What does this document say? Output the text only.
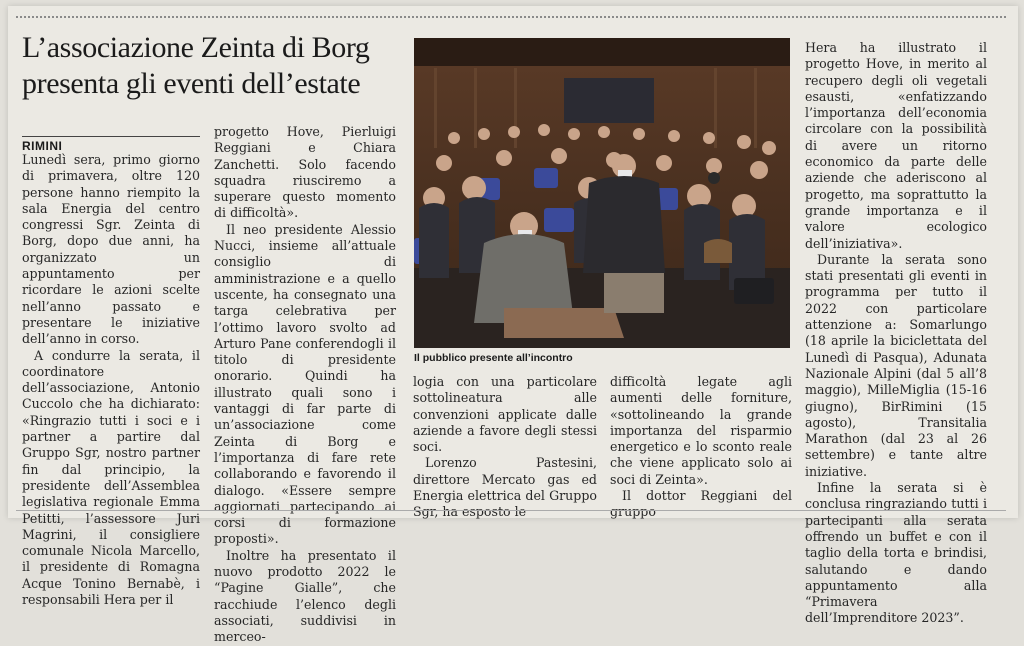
L’associazione Zeinta di Borg
presenta gli eventi dell’estate
RIMINI

Lunedì sera, primo giorno di primavera, oltre 120 persone hanno riempito la sala Energia del centro congressi Sgr. Zeinta di Borg, dopo due anni, ha organizzato un appuntamento per ricordare le azioni scelte nell’anno passato e presentare le iniziative dell’anno in corso.

A condurre la serata, il coordinatore dell’associazione, Antonio Cuccolo che ha dichiarato: «Ringrazio tutti i soci e i partner a partire dal Gruppo Sgr, nostro partner fin dal principio, la presidente dell’Assemblea legislativa regionale Emma Petitti, l’assessore Juri Magrini, il consigliere comunale Nicola Marcello, il presidente di Romagna Acque Tonino Bernabè, i responsabili Hera per il

progetto Hove, Pierluigi Reggiani e Chiara Zanchetti. Solo facendo squadra riusciremo a superare questo momento di difficoltà».

Il neo presidente Alessio Nucci, insieme all’attuale consiglio di amministrazione e a quello uscente, ha consegnato una targa celebrativa per l’ottimo lavoro svolto ad Arturo Pane conferendogli il titolo di presidente onorario. Quindi ha illustrato quali sono i vantaggi di far parte di un’associazione come Zeinta di Borg e l’importanza di fare rete collaborando e favorendo il dialogo. «Essere sempre aggiornati partecipando ai corsi di formazione proposti».

Inoltre ha presentato il nuovo prodotto 2022 le “Pagine Gialle”, che racchiude l’elenco degli associati, suddivisi in merceo-

Il pubblico presente all’incontro

logia con una particolare sottolineatura alle convenzioni applicate dalle aziende a favore degli stessi soci.

Lorenzo Pastesini, direttore Mercato gas ed Energia elettrica del Gruppo Sgr, ha esposto le

difficoltà legate agli aumenti delle forniture, «sottolineando la grande importanza del risparmio energetico e lo sconto reale che viene applicato solo ai soci di Zeinta».

Il dottor Reggiani del gruppo

Hera ha illustrato il progetto Hove, in merito al recupero degli oli vegetali esausti, «enfatizzando l’importanza dell’economia circolare con la possibilità di avere un ritorno economico da parte delle aziende che aderiscono al progetto, ma soprattutto la grande importanza e il valore ecologico dell’iniziativa».

Durante la serata sono stati presentati gli eventi in programma per tutto il 2022 con particolare attenzione a: Somarlungo (18 aprile la biciclettata del Lunedì di Pasqua), Adunata Nazionale Alpini (dal 5 all’8 maggio), MilleMiglia (15-16 giugno), BirRimini (15 agosto), Transitalia Marathon (dal 23 al 26 settembre) e tante altre iniziative.

Infine la serata si è conclusa ringraziando tutti i partecipanti alla serata offrendo un buffet e con il taglio della torta e brindisi, salutando e dando appuntamento alla “Primavera dell’Imprenditore 2023”.
